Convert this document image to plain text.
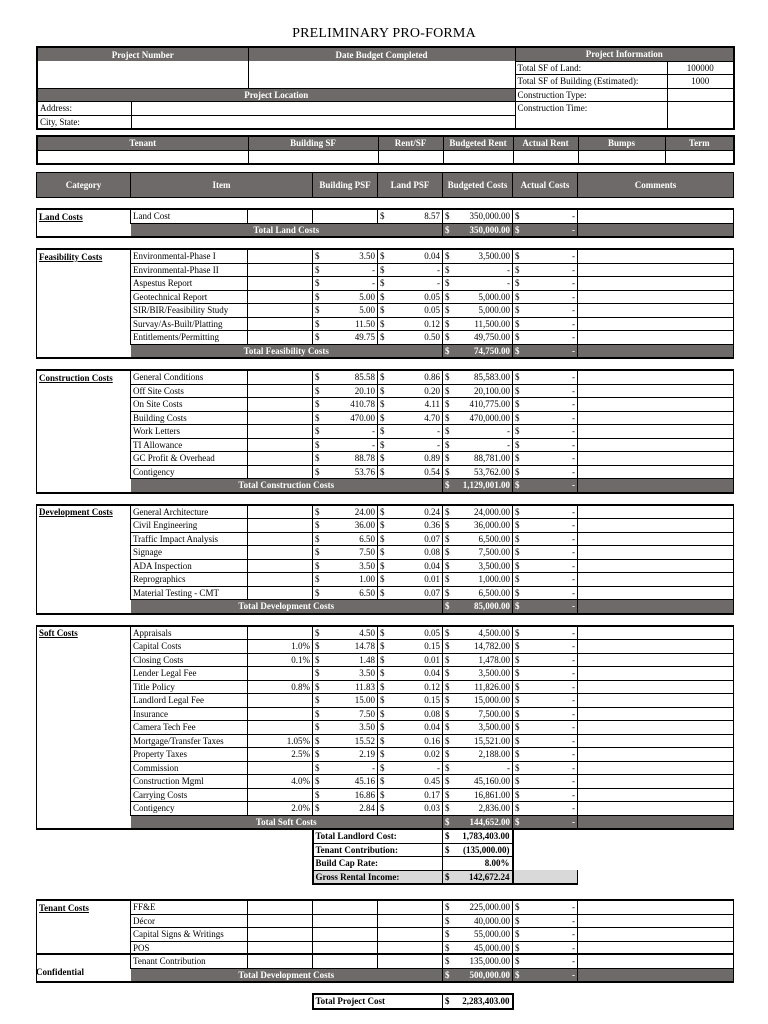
PRELIMINARY PRO-FORMA
Project Number		Date Budget Completed	Project Information	
			Total SF of Land:	100000
			Total SF of Building (Estimated):	1000
Project Location			Construction Type:	
Address:			Construction Time:	
City, State:				
Tenant	Building SF	Rent/SF	Budgeted Rent	Actual Rent	Bumps	Term

Category	Item		Building PSF	Land PSF	Budgeted Costs	Actual Costs	Comments

Land Costs	Land Cost			$ 8.57	$ 350,000.00	$ -	

	Total Land Costs				$ 350,000.00	$ -	

Feasibility Costs	Environmental-Phase I		$ 3.50	$ 0.04	$ 3,500.00	$ -	

	Environmental-Phase II		$ -	$ -	$ -	$ -	

	Aspestus Report		$ -	$ -	$ -	$ -	

	Geotechnical Report		$ 5.00	$ 0.05	$ 5,000.00	$ -	

	SIR/BIR/Feasibility Study		$ 5.00	$ 0.05	$ 5,000.00	$ -	

	Survay/As-Built/Platting		$ 11.50	$ 0.12	$ 11,500.00	$ -	

	Entitlements/Permitting		$ 49.75	$ 0.50	$ 49,750.00	$ -	

	Total Feasibility Costs				$ 74,750.00	$ -	

Construction Costs	General Conditions		$ 85.58	$ 0.86	$ 85,583.00	$ -	

	Off Site Costs		$ 20.10	$ 0.20	$ 20,100.00	$ -	

	On Site Costs		$ 410.78	$ 4.11	$ 410,775.00	$ -	

	Building Costs		$ 470.00	$ 4.70	$ 470,000.00	$ -	

	Work Letters		$ -	$ -	$ -	$ -	

	TI Allowance		$ -	$ -	$ -	$ -	

	GC Profit & Overhead		$ 88.78	$ 0.89	$ 88,781.00	$ -	

	Contigency		$ 53.76	$ 0.54	$ 53,762.00	$ -	

	Total Construction Costs				$ 1,129,001.00	$ -	

Development Costs	General Architecture		$ 24.00	$ 0.24	$ 24,000.00	$ -	

	Civil Engineering		$ 36.00	$ 0.36	$ 36,000.00	$ -	

	Traffic Impact Analysis		$ 6.50	$ 0.07	$ 6,500.00	$ -	

	Signage		$ 7.50	$ 0.08	$ 7,500.00	$ -	

	ADA Inspection		$ 3.50	$ 0.04	$ 3,500.00	$ -	

	Reprographics		$ 1.00	$ 0.01	$ 1,000.00	$ -	

	Material Testing - CMT		$ 6.50	$ 0.07	$ 6,500.00	$ -	

	Total Development Costs				$ 85,000.00	$ -	

Soft Costs	Appraisals		$ 4.50	$ 0.05	$ 4,500.00	$ -	

	Capital Costs	1.0%	$ 14.78	$ 0.15	$ 14,782.00	$ -	

	Closing Costs	0.1%	$ 1.48	$ 0.01	$ 1,478.00	$ -	

	Lender Legal Fee		$ 3.50	$ 0.04	$ 3,500.00	$ -	

	Title Policy	0.8%	$ 11.83	$ 0.12	$ 11,826.00	$ -	

	Landlord Legal Fee		$ 15.00	$ 0.15	$ 15,000.00	$ -	

	Insurance		$ 7.50	$ 0.08	$ 7,500.00	$ -	

	Camera Tech Fee		$ 3.50	$ 0.04	$ 3,500.00	$ -	

	Mortgage/Transfer Taxes	1.05%	$ 15.52	$ 0.16	$ 15,521.00	$ -	

	Property Taxes	2.5%	$ 2.19	$ 0.02	$ 2,188.00	$ -	

	Commission		$ -	$ -	$ -	$ -	

	Construction Mgml	4.0%	$ 45.16	$ 0.45	$ 45,160.00	$ -	

	Carrying Costs		$ 16.86	$ 0.17	$ 16,861.00	$ -	

	Contigency	2.0%	$ 2.84	$ 0.03	$ 2,836.00	$ -	

	Total Soft Costs				$ 144,652.00	$ -	

			Total Landlord Cost:		$ 1,783,403.00		

			Tenant Contribution:		$ (135,000.00)		

			Build Cap Rate:		8.00%		

			Gross Rental Income:		$ 142,672.24		

Tenant Costs	FF&E				$ 225,000.00	$ -	

	Décor				$ 40,000.00	$ -	

	Capital Signs & Writings				$ 55,000.00	$ -	

	POS				$ 45,000.00	$ -	

	Tenant Contribution				$ 135,000.00	$ -	

	Total Development Costs				$ 500,000.00	$ -	

			Total Project Cost		$ 2,283,403.00		

Confidential
